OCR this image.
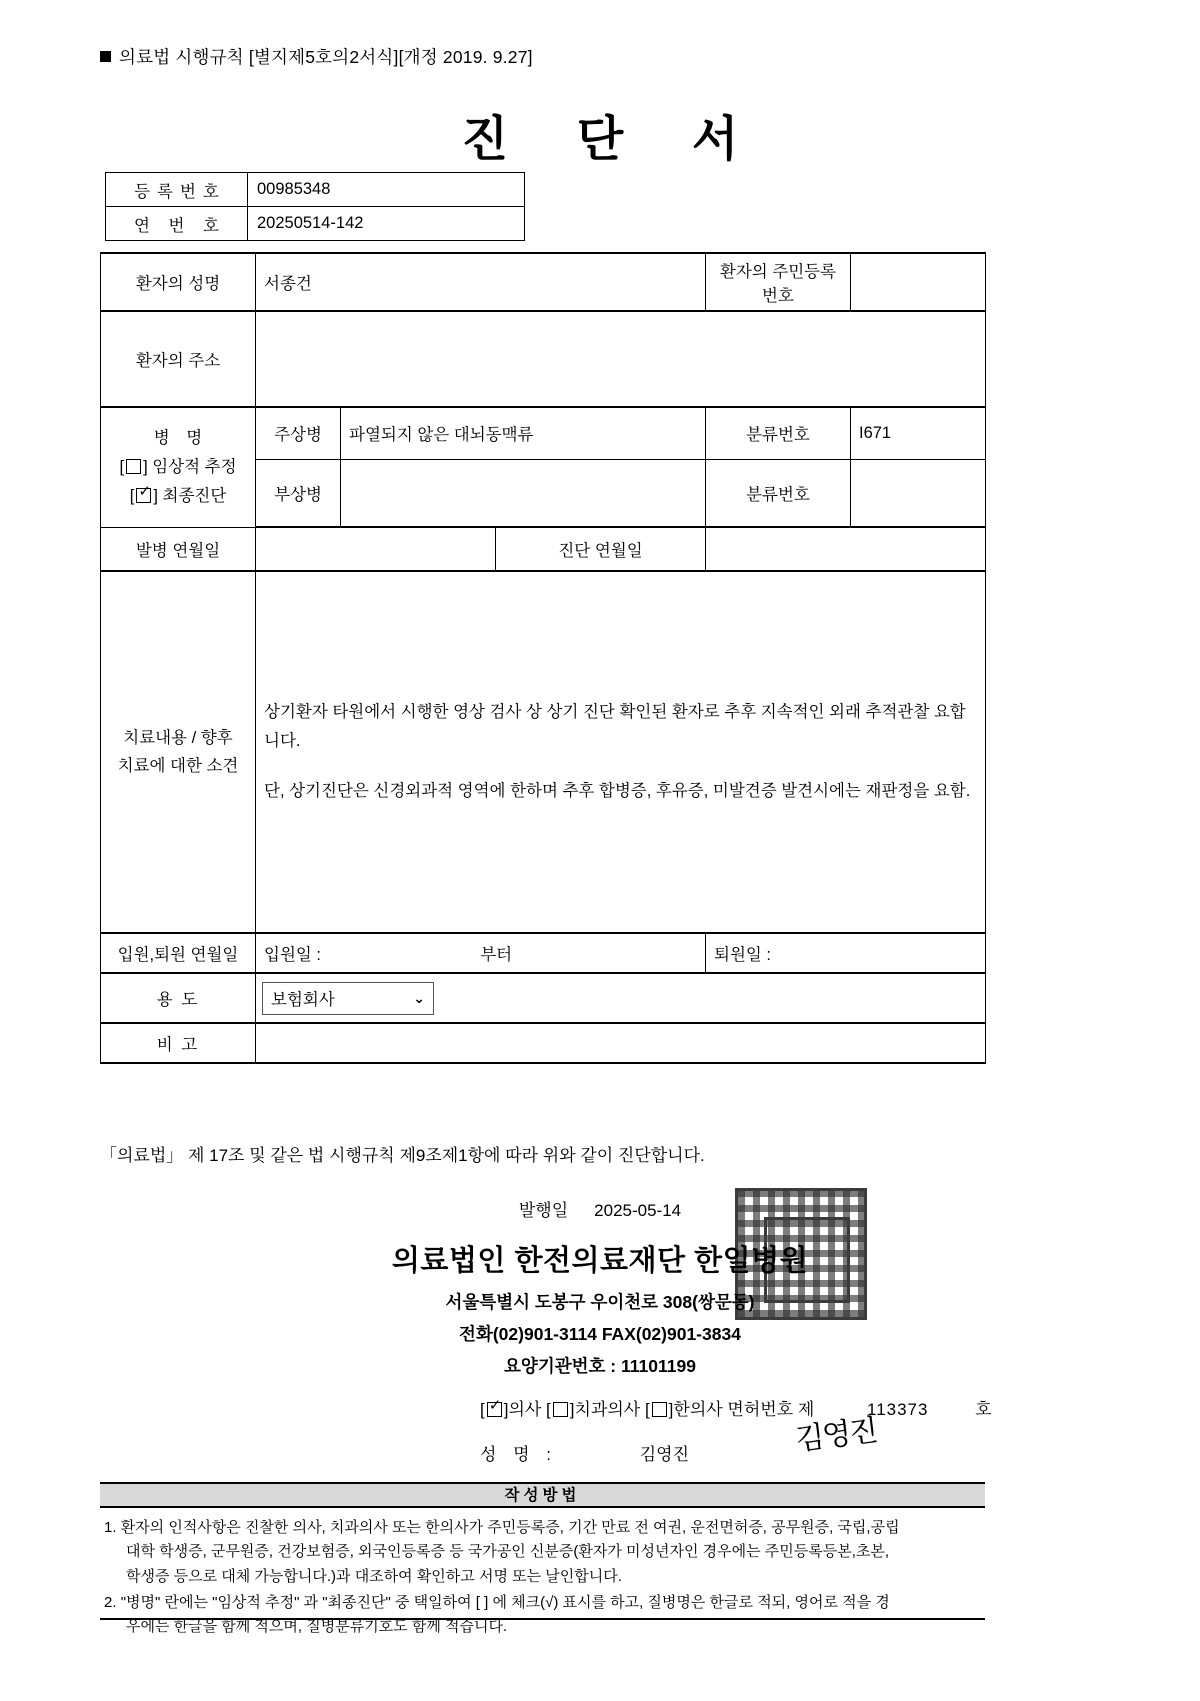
의료법 시행규칙 [별지제5호의2서식][개정 2019. 9.27]
진 단 서
등록번호	00985348
연 번 호	20250514-142
환자의 성명	서종건			환자의 주민등록번호	
환자의 주소					

병 명
[ ] 임상적 추정
[ ✓ ] 최종진단	주상병	파열되지 않은 대뇌동맥류		분류번호	I671
	부상병			분류번호	
발병 연월일			진단 연월일		

치료내용 / 향후
치료에 대한 소견

상기환자 타원에서 시행한 영상 검사 상 상기 진단 확인된 환자로 추후 지속적인 외래 추적관찰 요합니다.

단, 상기진단은 신경외과적 영역에 한하며 추후 합병증, 후유증, 미발견증 발견시에는 재판정을 요함.

입원,퇴원 연월일	입원일 : 부터			퇴원일 :	
용 도	보험회사 ⌄				

비 고					
「의료법」 제 17조 및 같은 법 시행규칙 제9조제1항에 따라 위와 같이 진단합니다.
발행일 2025-05-14
의료법인 한전의료재단 한일병원
서울특별시 도봉구 우이천로 308(쌍문동)
전화(02)901-3114 FAX(02)901-3834
요양기관번호 : 11101199
[ ✓ ]의사 [ ]치과의사 [ ]한의사 면허번호 제	113373	호
성 명 :	김영진	김영진
작성방법
1. 환자의 인적사항은 진찰한 의사, 치과의사 또는 한의사가 주민등록증, 기간 만료 전 여권, 운전면허증, 공무원증, 국립,공립
대학 학생증, 군무원증, 건강보험증, 외국인등록증 등 국가공인 신분증(환자가 미성년자인 경우에는 주민등록등본,초본,
학생증 등으로 대체 가능합니다.)과 대조하여 확인하고 서명 또는 날인합니다.
2. "병명" 란에는 "임상적 추정" 과 "최종진단" 중 택일하여 [ ] 에 체크(√) 표시를 하고, 질병명은 한글로 적되, 영어로 적을 경
우에는 한글을 함께 적으며, 질병분류기호도 함께 적습니다.
